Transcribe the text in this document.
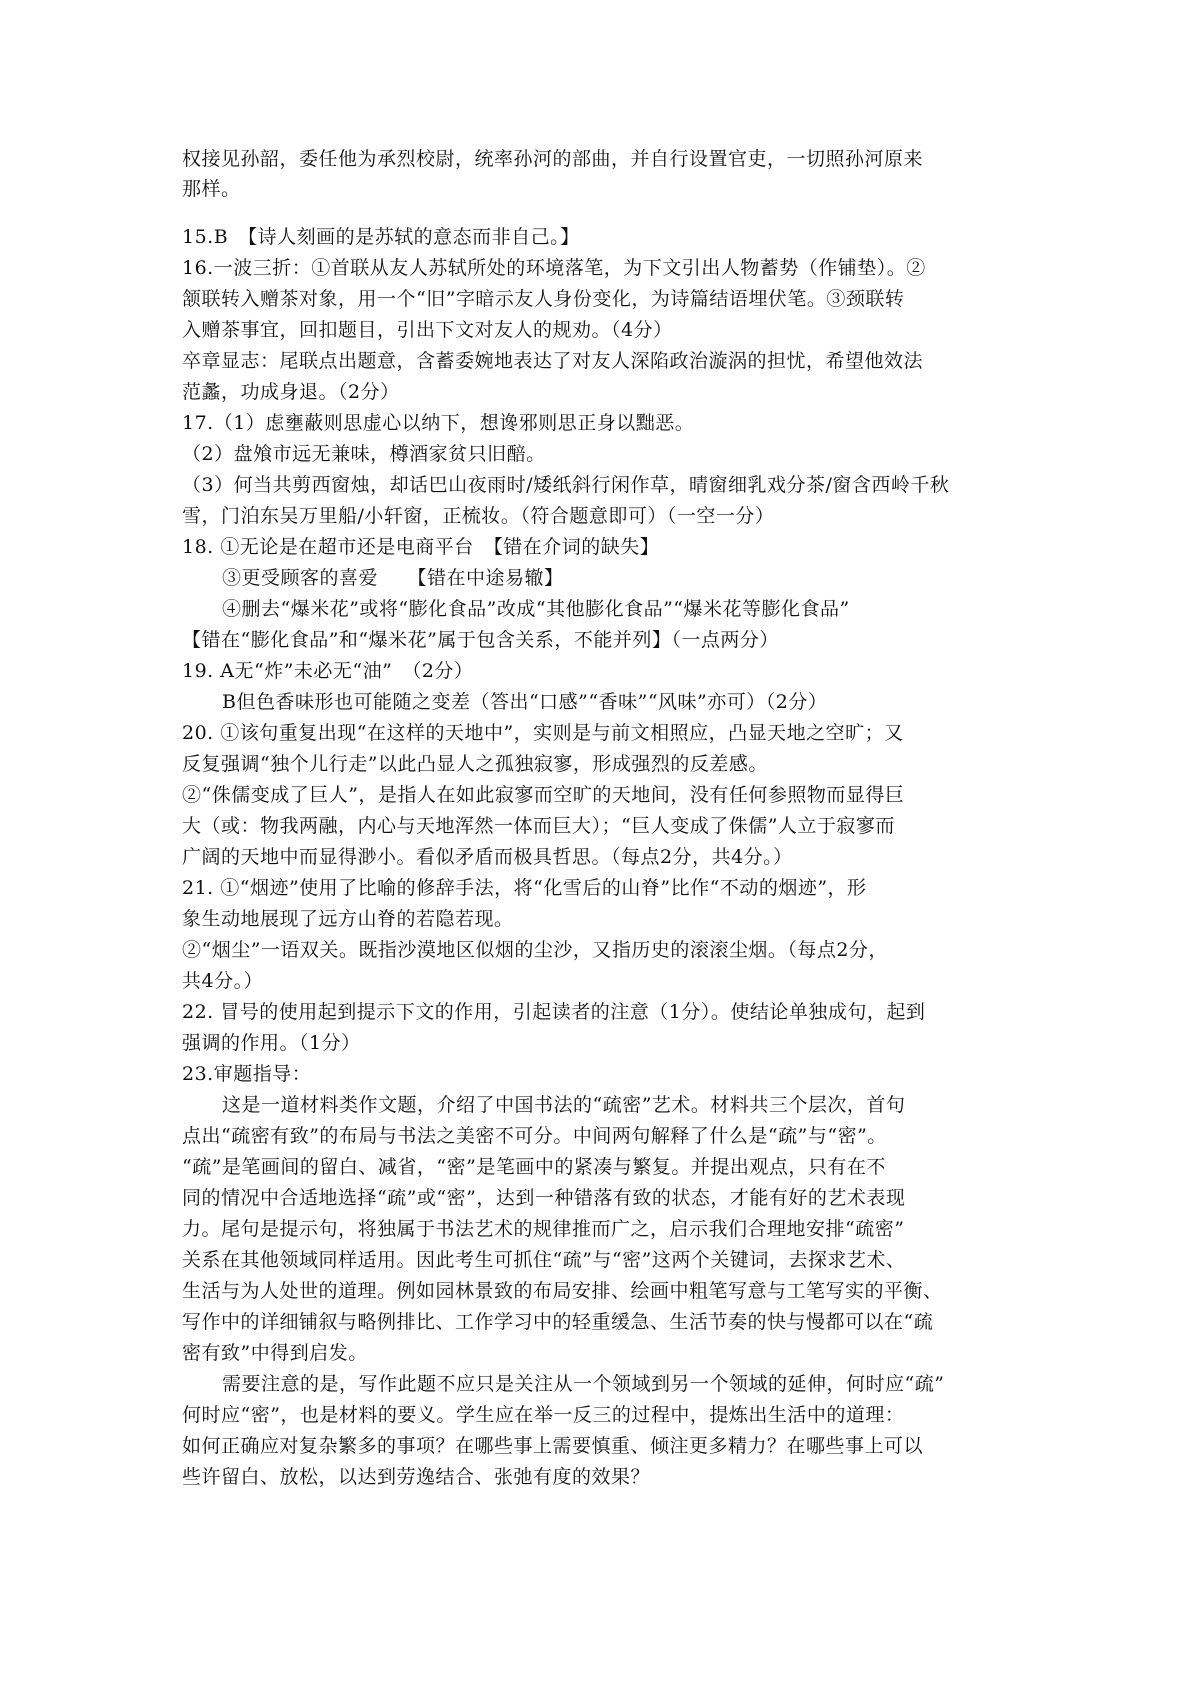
权接见孙韶，委任他为承烈校尉，统率孙河的部曲，并自行设置官吏，一切照孙河原来
那样。
15.B　【诗人刻画的是苏轼的意态而非自己。】
16.一波三折：①首联从友人苏轼所处的环境落笔，为下文引出人物蓄势（作铺垫）。②
颔联转入赠茶对象，用一个“旧”字暗示友人身份变化，为诗篇结语埋伏笔。③颈联转
入赠茶事宜，回扣题目，引出下文对友人的规劝。（4分）
卒章显志：尾联点出题意，含蓄委婉地表达了对友人深陷政治漩涡的担忧，希望他效法
范蠡，功成身退。（2分）
17.（1）虑壅蔽则思虚心以纳下，想谗邪则思正身以黜恶。
（2）盘飧市远无兼味，樽酒家贫只旧醅。
（3）何当共剪西窗烛，却话巴山夜雨时/矮纸斜行闲作草，晴窗细乳戏分茶/窗含西岭千秋
雪，门泊东吴万里船/小轩窗，正梳妆。（符合题意即可）（一空一分）
18. ①无论是在超市还是电商平台　【错在介词的缺失】
③更受顾客的喜爱　　【错在中途易辙】
④删去“爆米花”或将“膨化食品”改成“其他膨化食品”“爆米花等膨化食品”
【错在“膨化食品”和“爆米花”属于包含关系，不能并列】（一点两分）
19. A无“炸”未必无“油”　（2分）
B但色香味形也可能随之变差（答出“口感”“香味”“风味”亦可）（2分）
20. ①该句重复出现“在这样的天地中”，实则是与前文相照应，凸显天地之空旷；又
反复强调“独个儿行走”以此凸显人之孤独寂寥，形成强烈的反差感。
②“侏儒变成了巨人”，是指人在如此寂寥而空旷的天地间，没有任何参照物而显得巨
大（或：物我两融，内心与天地浑然一体而巨大）；“巨人变成了侏儒”人立于寂寥而
广阔的天地中而显得渺小。看似矛盾而极具哲思。（每点2分，共4分。）
21. ①“烟迹”使用了比喻的修辞手法，将“化雪后的山脊”比作“不动的烟迹”，形
象生动地展现了远方山脊的若隐若现。
②“烟尘”一语双关。既指沙漠地区似烟的尘沙，又指历史的滚滚尘烟。（每点2分，
共4分。）
22. 冒号的使用起到提示下文的作用，引起读者的注意（1分）。使结论单独成句，起到
强调的作用。（1分）
23.审题指导：
这是一道材料类作文题，介绍了中国书法的“疏密”艺术。材料共三个层次，首句
点出“疏密有致”的布局与书法之美密不可分。中间两句解释了什么是“疏”与“密”。
“疏”是笔画间的留白、减省，“密”是笔画中的紧凑与繁复。并提出观点，只有在不
同的情况中合适地选择“疏”或“密”，达到一种错落有致的状态，才能有好的艺术表现
力。尾句是提示句，将独属于书法艺术的规律推而广之，启示我们合理地安排“疏密”
关系在其他领域同样适用。因此考生可抓住“疏”与“密”这两个关键词，去探求艺术、
生活与为人处世的道理。例如园林景致的布局安排、绘画中粗笔写意与工笔写实的平衡、
写作中的详细铺叙与略例排比、工作学习中的轻重缓急、生活节奏的快与慢都可以在“疏
密有致”中得到启发。
需要注意的是，写作此题不应只是关注从一个领域到另一个领域的延伸，何时应“疏”
何时应“密”，也是材料的要义。学生应在举一反三的过程中，提炼出生活中的道理：
如何正确应对复杂繁多的事项？在哪些事上需要慎重、倾注更多精力？在哪些事上可以
些许留白、放松，以达到劳逸结合、张弛有度的效果？
